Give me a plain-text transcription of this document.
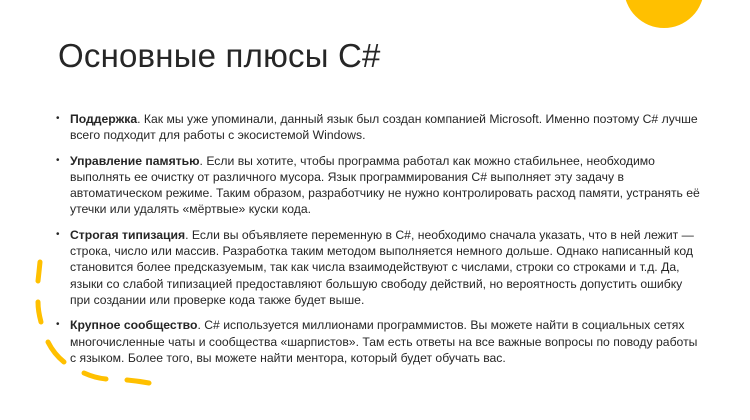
Основные плюсы C#
• Поддержка. Как мы уже упоминали, данный язык был создан компанией Microsoft. Именно поэтому C# лучше всего подходит для работы с экосистемой Windows.
• Управление памятью. Если вы хотите, чтобы программа работал как можно стабильнее, необходимо выполнять ее очистку от различного мусора. Язык программирования C# выполняет эту задачу в автоматическом режиме. Таким образом, разработчику не нужно контролировать расход памяти, устранять её утечки или удалять «мёртвые» куски кода.
• Строгая типизация. Если вы объявляете переменную в C#, необходимо сначала указать, что в ней лежит — строка, число или массив. Разработка таким методом выполняется немного дольше. Однако написанный код становится более предсказуемым, так как числа взаимодействуют с числами, строки со строками и т.д. Да, языки со слабой типизацией предоставляют большую свободу действий, но вероятность допустить ошибку при создании или проверке кода также будет выше.
• Крупное сообщество. C# используется миллионами программистов. Вы можете найти в социальных сетях многочисленные чаты и сообщества «шарпистов». Там есть ответы на все важные вопросы по поводу работы с языком. Более того, вы можете найти ментора, который будет обучать вас.
